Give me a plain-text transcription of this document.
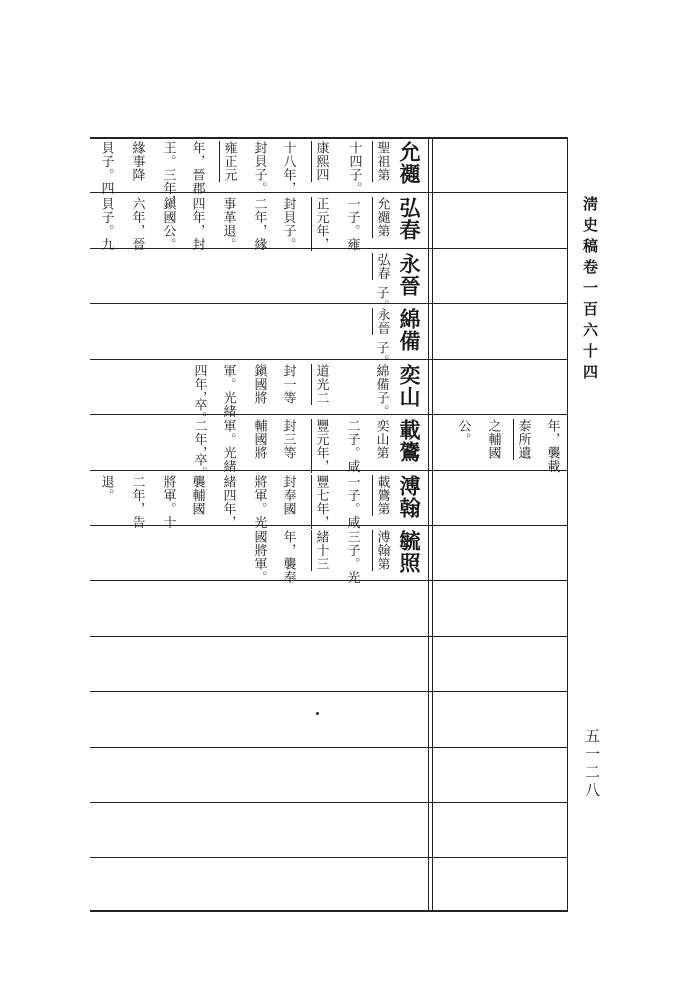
淸史稿卷一百六十四
五一二八
允禵
聖祖第
十四子。
康熙四
十八年，
封貝子。
雍正元
年，晉郡
王。三年，
緣事降
貝子。四
弘春
允禵第
一子。雍
正元年，
封貝子。
二年，緣
事革退。
四年，封
鎭國公。
六年，晉
貝子。九
永晉
弘春
子。
綿備
永晉
子。
奕山
綿備子。
道光二
封一等
鎭國將
軍。光緒
四年，
卒。
載鷟
奕山第
二子。咸
豐元年，
封三等
輔國將
軍。光緒
二年，
卒。	年，襲載
泰所遺
之輔國
公。
溥翰
載鷟第
一子。咸
豐七年，
封奉國
將軍。光
緒四年，
襲輔國
將軍。十
二年，告
退。
毓照
溥翰第
三子。光
緒十三
年，襲奉
國將軍。
